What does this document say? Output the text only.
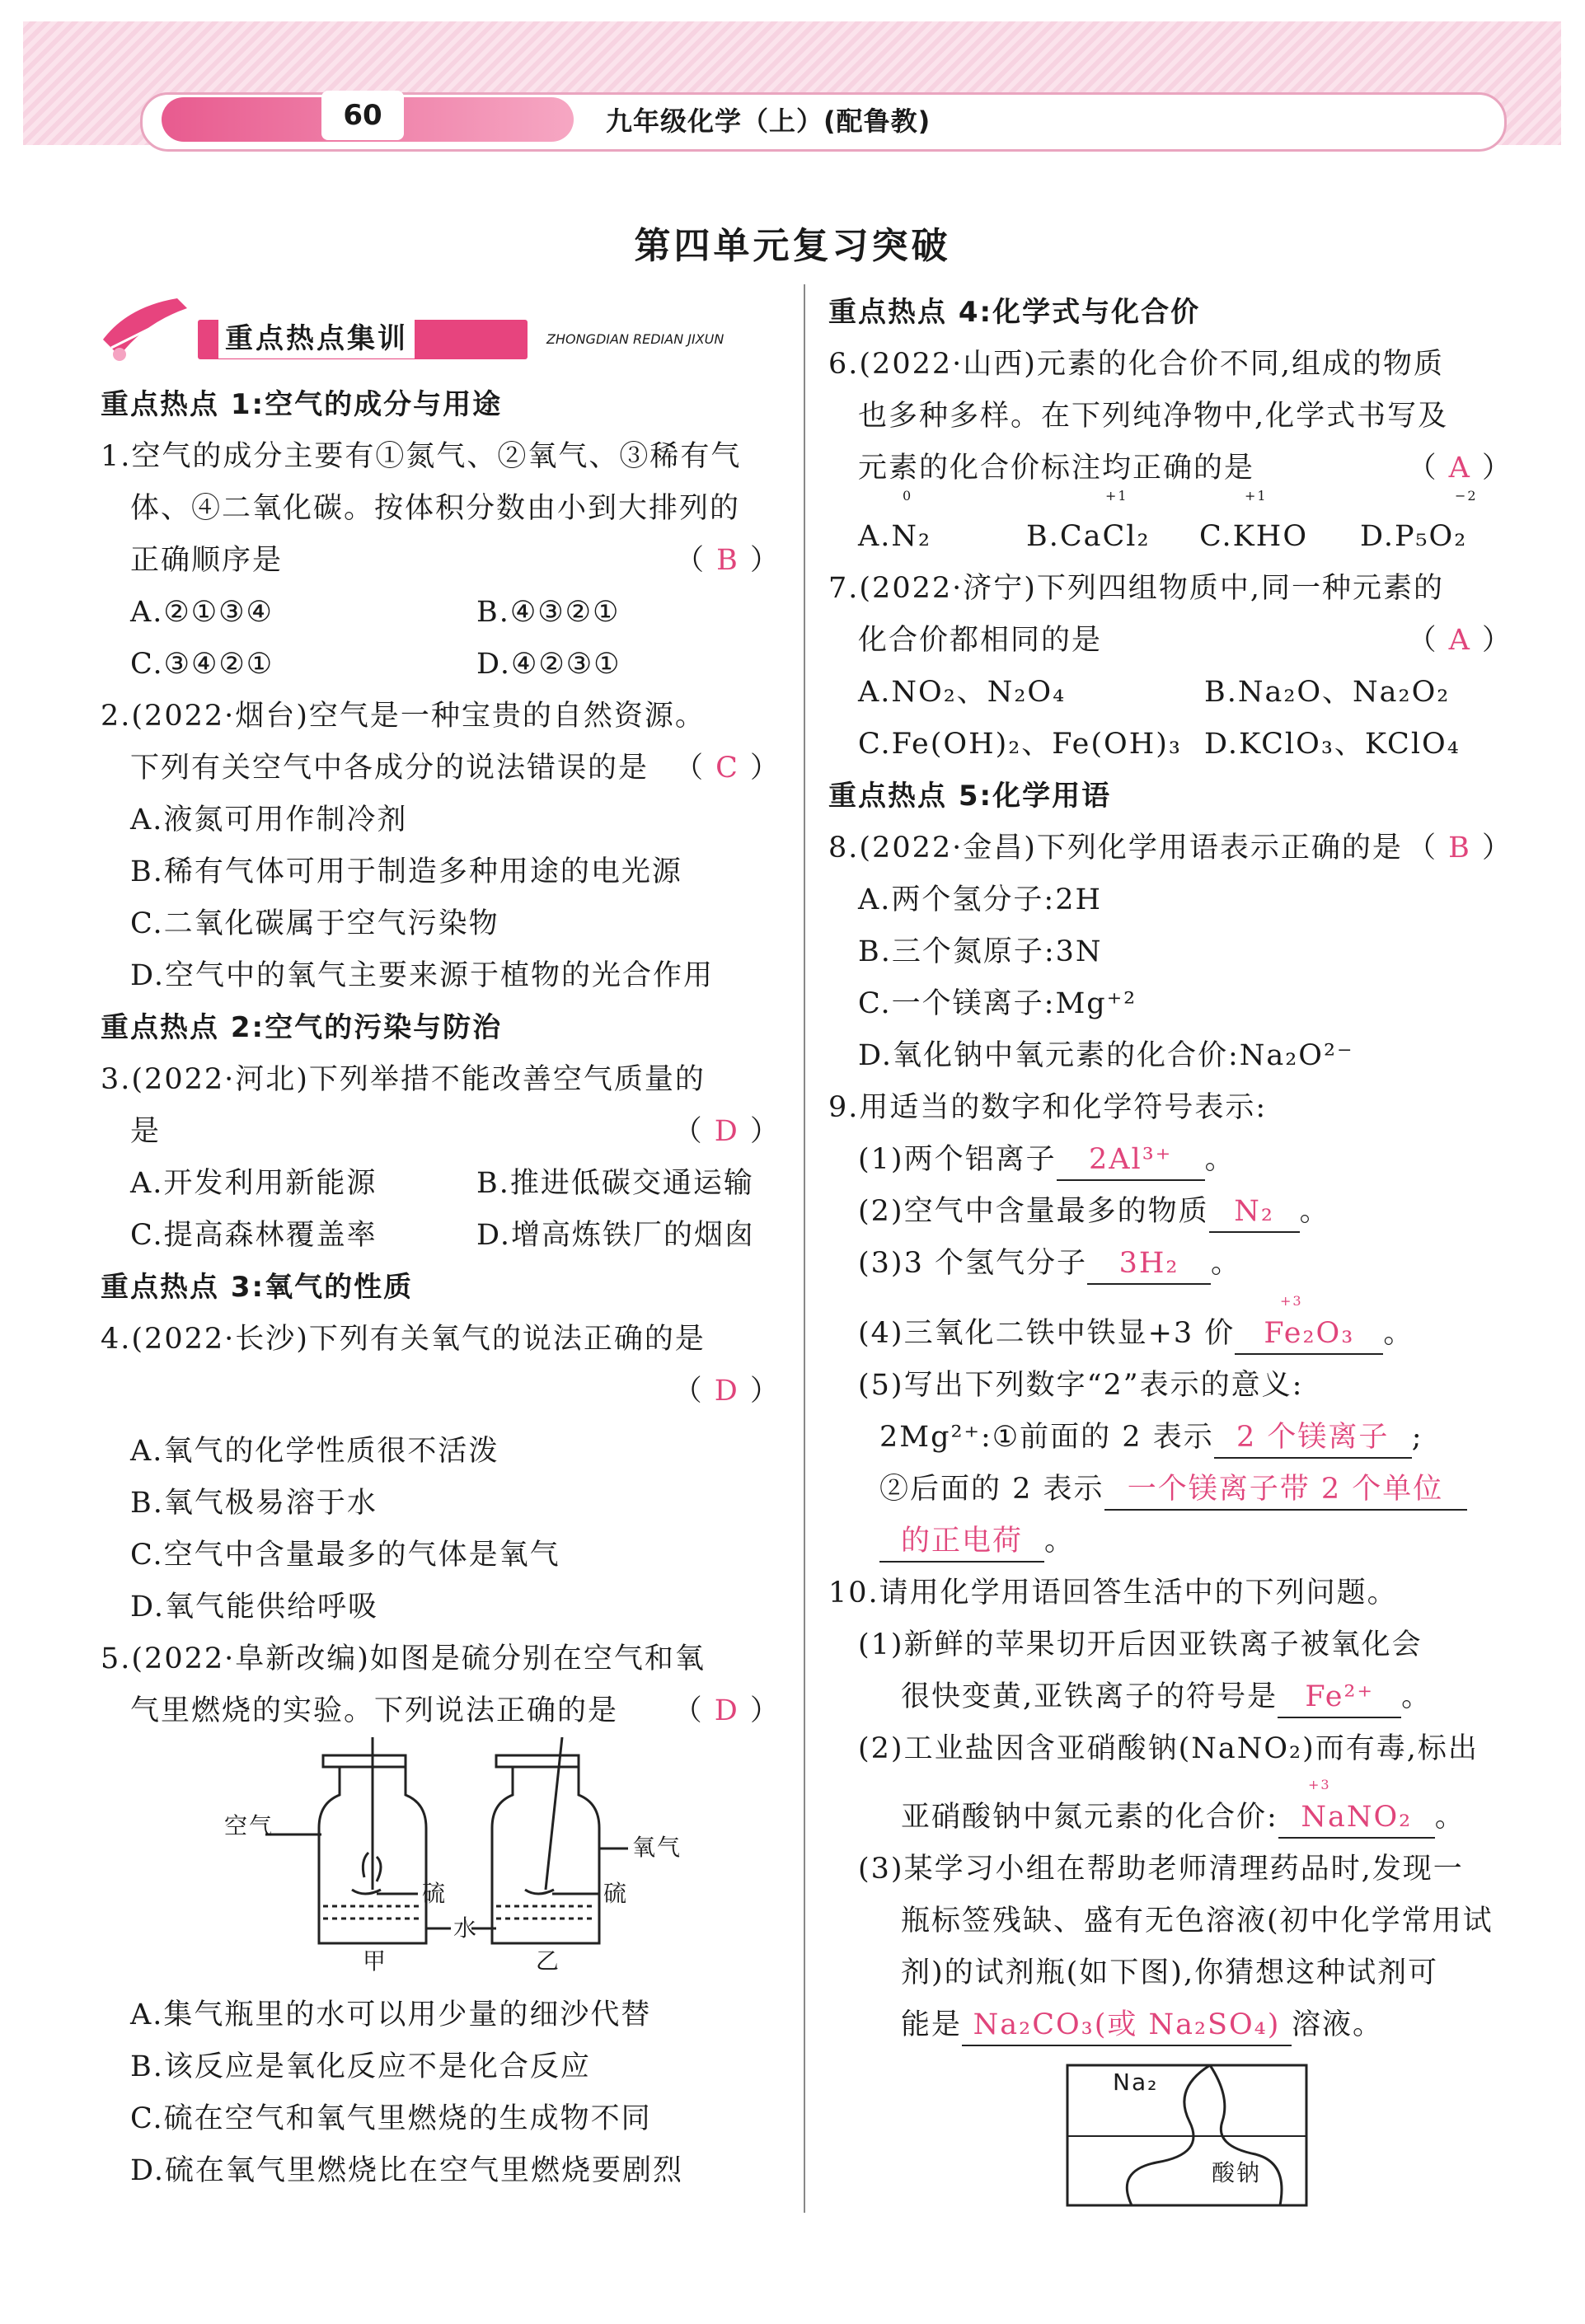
60	九年级化学（上）(配鲁教)
第四单元复习突破
重点热点集训	ZHONGDIAN REDIAN JIXUN

重点热点 1:空气的成分与用途

1.空气的成分主要有①氮气、②氧气、③稀有气

体、④二氧化碳。按体积分数由小到大排列的

正确顺序是	（ B ）

A.②①③④	B.④③②①

C.③④②①	D.④②③①

2.(2022·烟台)空气是一种宝贵的自然资源。

下列有关空气中各成分的说法错误的是 （ C ）

A.液氮可用作制冷剂

B.稀有气体可用于制造多种用途的电光源

C.二氧化碳属于空气污染物

D.空气中的氧气主要来源于植物的光合作用

重点热点 2:空气的污染与防治

3.(2022·河北)下列举措不能改善空气质量的

是	（ D ）

A.开发利用新能源	B.推进低碳交通运输

C.提高森林覆盖率	D.增高炼铁厂的烟囱

重点热点 3:氧气的性质

4.(2022·长沙)下列有关氧气的说法正确的是

（ D ）

A.氧气的化学性质很不活泼

B.氧气极易溶于水

C.空气中含量最多的气体是氧气

D.氧气能供给呼吸

5.(2022·阜新改编)如图是硫分别在空气和氧

气里燃烧的实验。下列说法正确的是 （ D ）

空气
氧气
硫	硫
水
甲	乙

A.集气瓶里的水可以用少量的细沙代替

B.该反应是氧化反应不是化合反应

C.硫在空气和氧气里燃烧的生成物不同

D.硫在氧气里燃烧比在空气里燃烧要剧烈

重点热点 4:化学式与化合价

6.(2022·山西)元素的化合价不同,组成的物质

也多种多样。在下列纯净物中,化学式书写及

元素的化合价标注均正确的是	（ A ）

A.N₂
0
B.CaCl₂
+1
C.KHO
+1
D.P₅O₂
−2

7.(2022·济宁)下列四组物质中,同一种元素的

化合价都相同的是	（ A ）

A.NO₂、N₂O₄	B.Na₂O、Na₂O₂

C.Fe(OH)₂、Fe(OH)₃ D.KClO₃、KClO₄

重点热点 5:化学用语

8.(2022·金昌)下列化学用语表示正确的是 （ B ）

A.两个氢分子:2H

B.三个氮原子:3N

C.一个镁离子:Mg⁺²

D.氧化钠中氧元素的化合价:Na₂O²⁻

9.用适当的数字和化学符号表示:

(1)两个铝离子 2Al³⁺ 。

(2)空气中含量最多的物质 N₂ 。

(3)3 个氢气分子 3H₂ 。

(4)三氧化二铁中铁显+3 价 Fe₂O₃ 。
+3

(5)写出下列数字“2”表示的意义:

2Mg²⁺:①前面的 2 表示 2 个镁离子 ;

②后面的 2 表示 一个镁离子带 2 个单位

的正电荷 。

10.请用化学用语回答生活中的下列问题。

(1)新鲜的苹果切开后因亚铁离子被氧化会

很快变黄,亚铁离子的符号是 Fe²⁺ 。

(2)工业盐因含亚硝酸钠(NaNO₂)而有毒,标出

亚硝酸钠中氮元素的化合价: NaNO₂ 。
+3

(3)某学习小组在帮助老师清理药品时,发现一

瓶标签残缺、盛有无色溶液(初中化学常用试

剂)的试剂瓶(如下图),你猜想这种试剂可

能是 Na₂CO₃(或 Na₂SO₄) 溶液。

Na₂
酸钠
